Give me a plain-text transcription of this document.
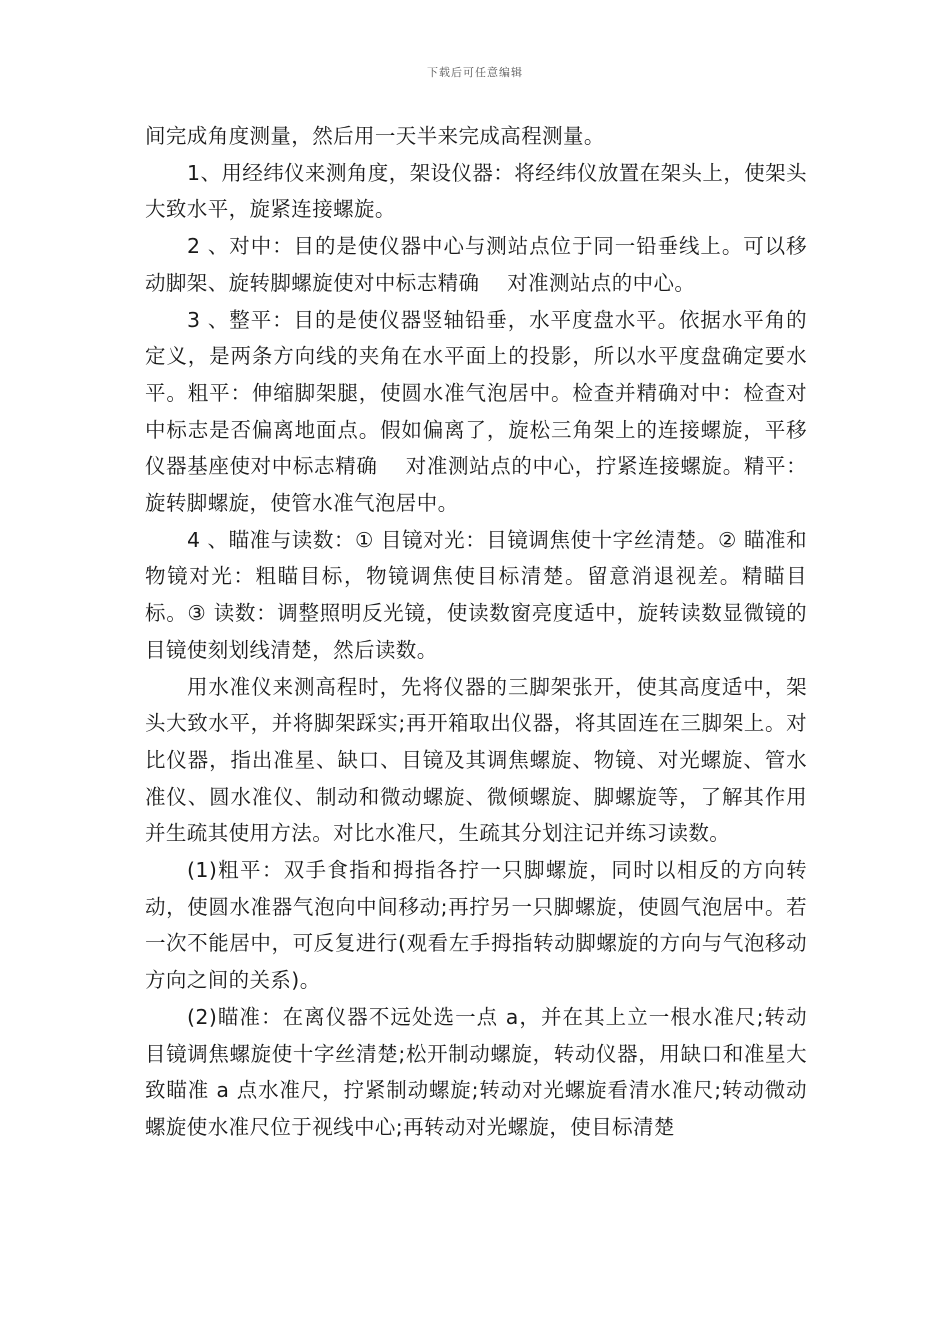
下载后可任意编辑

间完成角度测量，然后用一天半来完成高程测量。

1、用经纬仪来测角度，架设仪器：将经纬仪放置在架头上，使架头大致水平，旋紧连接螺旋。

2 、对中：目的是使仪器中心与测站点位于同一铅垂线上。可以移动脚架、旋转脚螺旋使对中标志精确　 对准测站点的中心。

3 、整平：目的是使仪器竖轴铅垂，水平度盘水平。依据水平角的定义，是两条方向线的夹角在水平面上的投影，所以水平度盘确定要水平。粗平：伸缩脚架腿，使圆水准气泡居中。检查并精确对中：检查对中标志是否偏离地面点。假如偏离了，旋松三角架上的连接螺旋，平移仪器基座使对中标志精确　 对准测站点的中心，拧紧连接螺旋。精平：旋转脚螺旋，使管水准气泡居中。

4 、瞄准与读数：① 目镜对光：目镜调焦使十字丝清楚。② 瞄准和物镜对光：粗瞄目标，物镜调焦使目标清楚。留意消退视差。精瞄目标。③ 读数：调整照明反光镜，使读数窗亮度适中，旋转读数显微镜的目镜使刻划线清楚，然后读数。

用水准仪来测高程时，先将仪器的三脚架张开，使其高度适中，架头大致水平，并将脚架踩实;再开箱取出仪器，将其固连在三脚架上。对比仪器，指出准星、缺口、目镜及其调焦螺旋、物镜、对光螺旋、管水准仪、圆水准仪、制动和微动螺旋、微倾螺旋、脚螺旋等，了解其作用并生疏其使用方法。对比水准尺，生疏其分划注记并练习读数。

(1)粗平：双手食指和拇指各拧一只脚螺旋，同时以相反的方向转动，使圆水准器气泡向中间移动;再拧另一只脚螺旋，使圆气泡居中。若一次不能居中，可反复进行(观看左手拇指转动脚螺旋的方向与气泡移动方向之间的关系)。

(2)瞄准：在离仪器不远处选一点 a，并在其上立一根水准尺;转动目镜调焦螺旋使十字丝清楚;松开制动螺旋，转动仪器，用缺口和准星大致瞄准 a 点水准尺，拧紧制动螺旋;转动对光螺旋看清水准尺;转动微动螺旋使水准尺位于视线中心;再转动对光螺旋，使目标清楚
